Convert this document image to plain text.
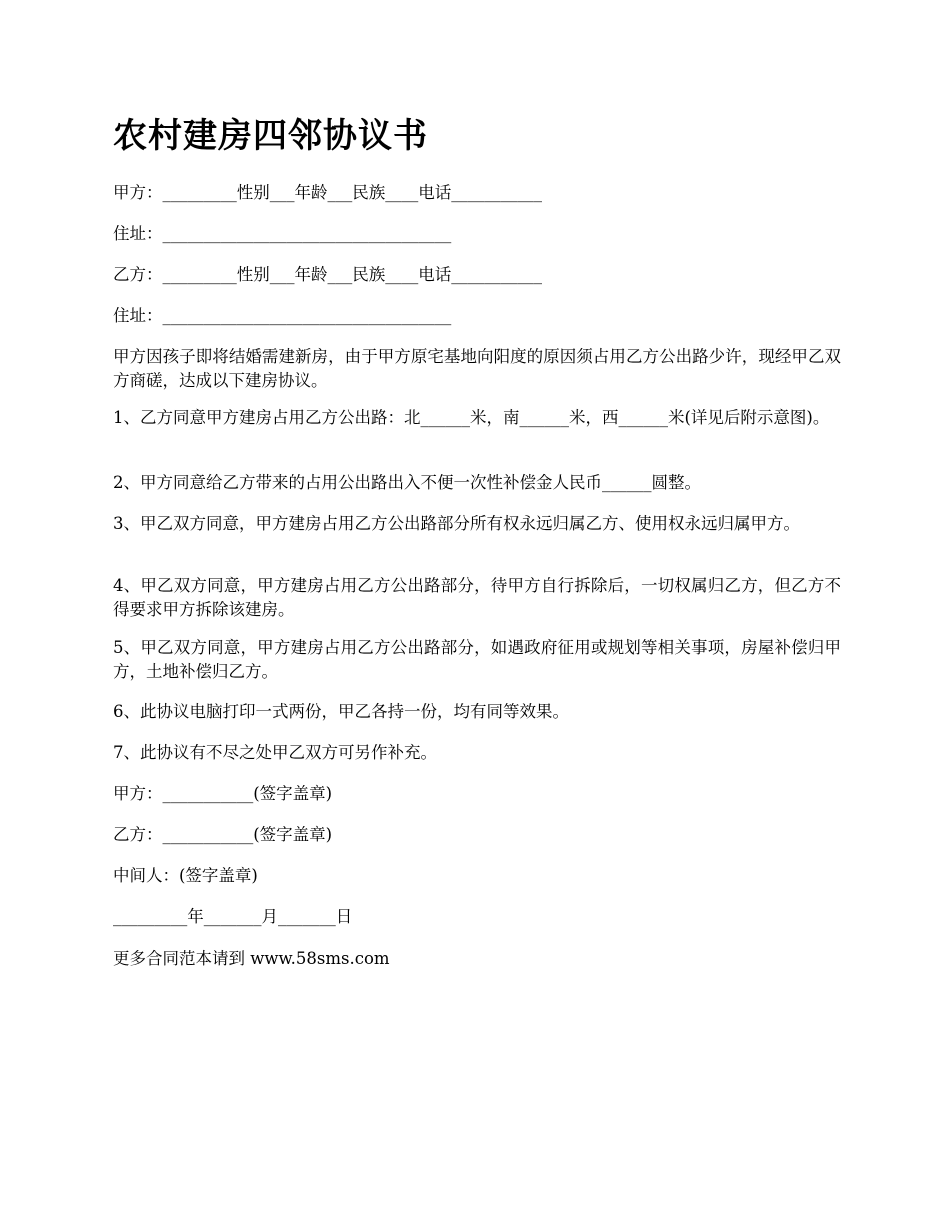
农村建房四邻协议书

甲方：_________性别___年龄___民族____电话___________

住址：___________________________________

乙方：_________性别___年龄___民族____电话___________

住址：___________________________________

甲方因孩子即将结婚需建新房，由于甲方原宅基地向阳度的原因须占用乙方公出路少许，现经甲乙双方商磋，达成以下建房协议。

1、乙方同意甲方建房占用乙方公出路：北______米，南______米，西______米(详见后附示意图)。

2、甲方同意给乙方带来的占用公出路出入不便一次性补偿金人民币______圆整。

3、甲乙双方同意，甲方建房占用乙方公出路部分所有权永远归属乙方、使用权永远归属甲方。

4、甲乙双方同意，甲方建房占用乙方公出路部分，待甲方自行拆除后，一切权属归乙方，但乙方不得要求甲方拆除该建房。

5、甲乙双方同意，甲方建房占用乙方公出路部分，如遇政府征用或规划等相关事项，房屋补偿归甲方，土地补偿归乙方。

6、此协议电脑打印一式两份，甲乙各持一份，均有同等效果。

7、此协议有不尽之处甲乙双方可另作补充。

甲方：___________(签字盖章)

乙方：___________(签字盖章)

中间人：(签字盖章)

_________年_______月_______日

更多合同范本请到 www.58sms.com
